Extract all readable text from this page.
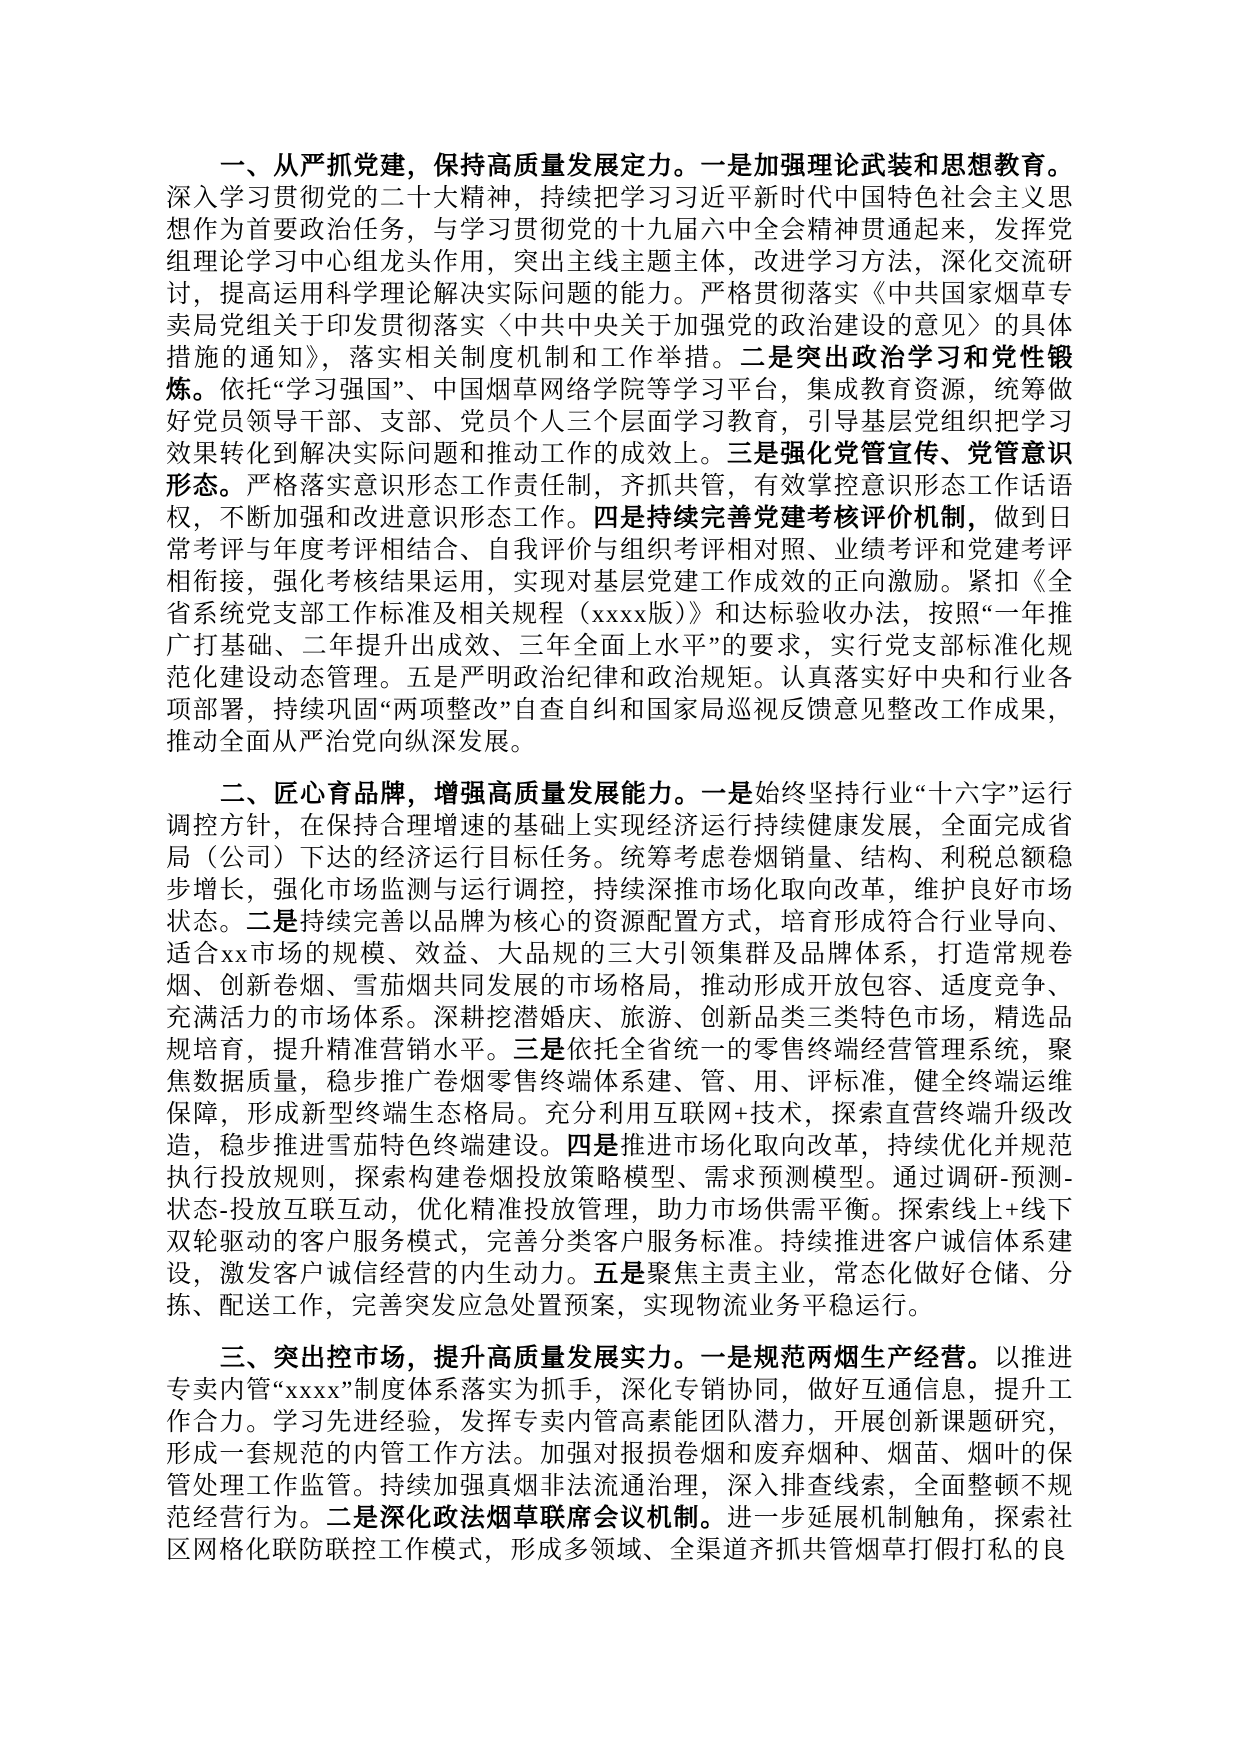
一、从严抓党建，保持高质量发展定力。一是加强理论武装和思想教育。深入学习贯彻党的二十大精神，持续把学习习近平新时代中国特色社会主义思想作为首要政治任务，与学习贯彻党的十九届六中全会精神贯通起来，发挥党组理论学习中心组龙头作用，突出主线主题主体，改进学习方法，深化交流研讨，提高运用科学理论解决实际问题的能力。严格贯彻落实《中共国家烟草专卖局党组关于印发贯彻落实〈中共中央关于加强党的政治建设的意见〉的具体措施的通知》，落实相关制度机制和工作举措。二是突出政治学习和党性锻炼。依托“学习强国”、中国烟草网络学院等学习平台，集成教育资源，统筹做好党员领导干部、支部、党员个人三个层面学习教育，引导基层党组织把学习效果转化到解决实际问题和推动工作的成效上。三是强化党管宣传、党管意识形态。严格落实意识形态工作责任制，齐抓共管，有效掌控意识形态工作话语权，不断加强和改进意识形态工作。四是持续完善党建考核评价机制，做到日常考评与年度考评相结合、自我评价与组织考评相对照、业绩考评和党建考评相衔接，强化考核结果运用，实现对基层党建工作成效的正向激励。紧扣《全省系统党支部工作标准及相关规程（xxxx版）》和达标验收办法，按照“一年推广打基础、二年提升出成效、三年全面上水平”的要求，实行党支部标准化规范化建设动态管理。五是严明政治纪律和政治规矩。认真落实好中央和行业各项部署，持续巩固“两项整改”自查自纠和国家局巡视反馈意见整改工作成果，推动全面从严治党向纵深发展。

二、匠心育品牌，增强高质量发展能力。一是始终坚持行业“十六字”运行调控方针，在保持合理增速的基础上实现经济运行持续健康发展，全面完成省局（公司）下达的经济运行目标任务。统筹考虑卷烟销量、结构、利税总额稳步增长，强化市场监测与运行调控，持续深推市场化取向改革，维护良好市场状态。二是持续完善以品牌为核心的资源配置方式，培育形成符合行业导向、适合xx市场的规模、效益、大品规的三大引领集群及品牌体系，打造常规卷烟、创新卷烟、雪茄烟共同发展的市场格局，推动形成开放包容、适度竞争、充满活力的市场体系。深耕挖潜婚庆、旅游、创新品类三类特色市场，精选品规培育，提升精准营销水平。三是依托全省统一的零售终端经营管理系统，聚焦数据质量，稳步推广卷烟零售终端体系建、管、用、评标准，健全终端运维保障，形成新型终端生态格局。充分利用互联网+技术，探索直营终端升级改造，稳步推进雪茄特色终端建设。四是推进市场化取向改革，持续优化并规范执行投放规则，探索构建卷烟投放策略模型、需求预测模型。通过调研-预测-状态-投放互联互动，优化精准投放管理，助力市场供需平衡。探索线上+线下双轮驱动的客户服务模式，完善分类客户服务标准。持续推进客户诚信体系建设，激发客户诚信经营的内生动力。五是聚焦主责主业，常态化做好仓储、分拣、配送工作，完善突发应急处置预案，实现物流业务平稳运行。

三、突出控市场，提升高质量发展实力。一是规范两烟生产经营。以推进专卖内管“xxxx”制度体系落实为抓手，深化专销协同，做好互通信息，提升工作合力。学习先进经验，发挥专卖内管高素能团队潜力，开展创新课题研究，形成一套规范的内管工作方法。加强对报损卷烟和废弃烟种、烟苗、烟叶的保管处理工作监管。持续加强真烟非法流通治理，深入排查线索，全面整顿不规范经营行为。二是深化政法烟草联席会议机制。进一步延展机制触角，探索社区网格化联防联控工作模式，形成多领域、全渠道齐抓共管烟草打假打私的良
